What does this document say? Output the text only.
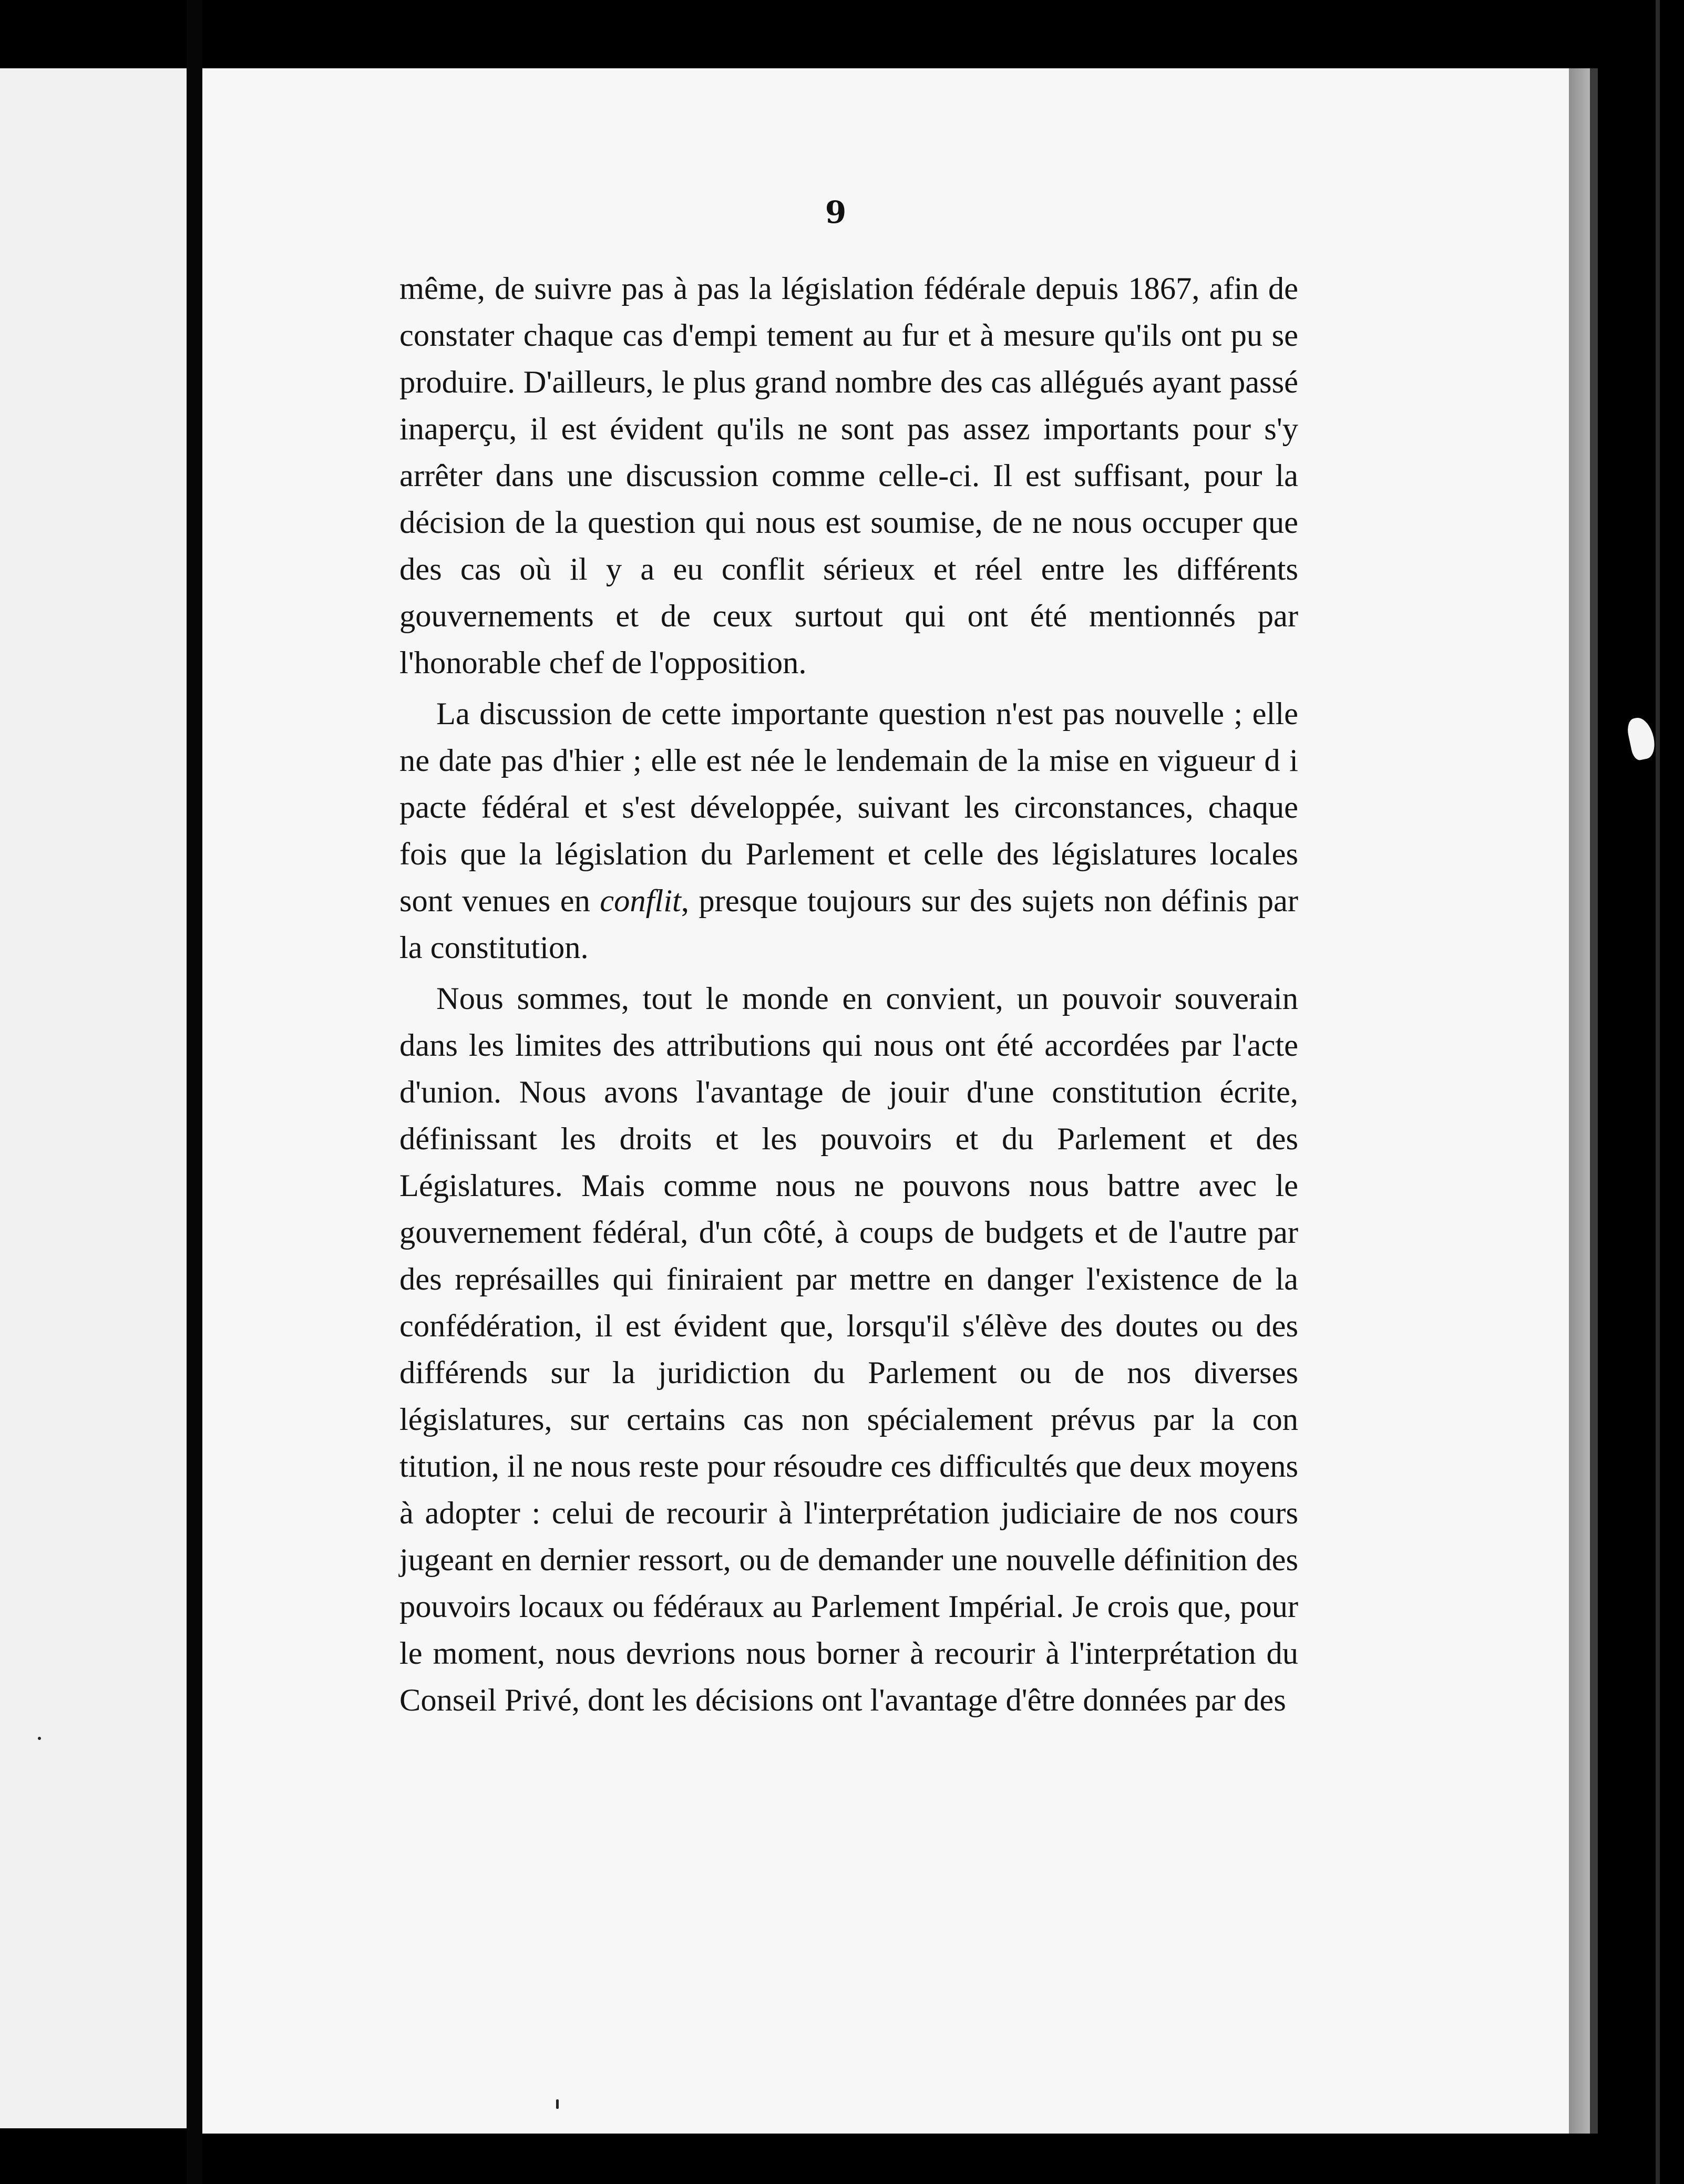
9

même, de suivre pas à pas la législation fédérale depuis 1867, afin de constater chaque cas d'empi tement au fur et à mesure qu'ils ont pu se produire. D'ailleurs, le plus grand nombre des cas allégués ayant passé inaperçu, il est évident qu'ils ne sont pas assez importants pour s'y arrêter dans une discussion comme celle-ci. Il est suffisant, pour la décision de la question qui nous est soumise, de ne nous occuper que des cas où il y a eu conflit sérieux et réel entre les différents gouvernements et de ceux surtout qui ont été mentionnés par l'honorable chef de l'opposition.

La discussion de cette importante question n'est pas nouvelle ; elle ne date pas d'hier ; elle est née le lendemain de la mise en vigueur d i pacte fédéral et s'est développée, suivant les circonstances, chaque fois que la législation du Parlement et celle des législatures locales sont venues en conflit, presque toujours sur des sujets non définis par la constitution.

Nous sommes, tout le monde en convient, un pouvoir souverain dans les limites des attributions qui nous ont été accordées par l'acte d'union. Nous avons l'avantage de jouir d'une constitution écrite, définissant les droits et les pouvoirs et du Parlement et des Législatures. Mais comme nous ne pouvons nous battre avec le gouvernement fédéral, d'un côté, à coups de budgets et de l'autre par des représailles qui finiraient par mettre en danger l'existence de la confédération, il est évident que, lorsqu'il s'élève des doutes ou des différends sur la juridiction du Parlement ou de nos diverses législatures, sur certains cas non spécialement prévus par la con titution, il ne nous reste pour résoudre ces difficultés que deux moyens à adopter : celui de recourir à l'interprétation judiciaire de nos cours jugeant en dernier ressort, ou de demander une nouvelle définition des pouvoirs locaux ou fédéraux au Parlement Impérial. Je crois que, pour le moment, nous devrions nous borner à recourir à l'interprétation du Conseil Privé, dont les décisions ont l'avantage d'être données par des
